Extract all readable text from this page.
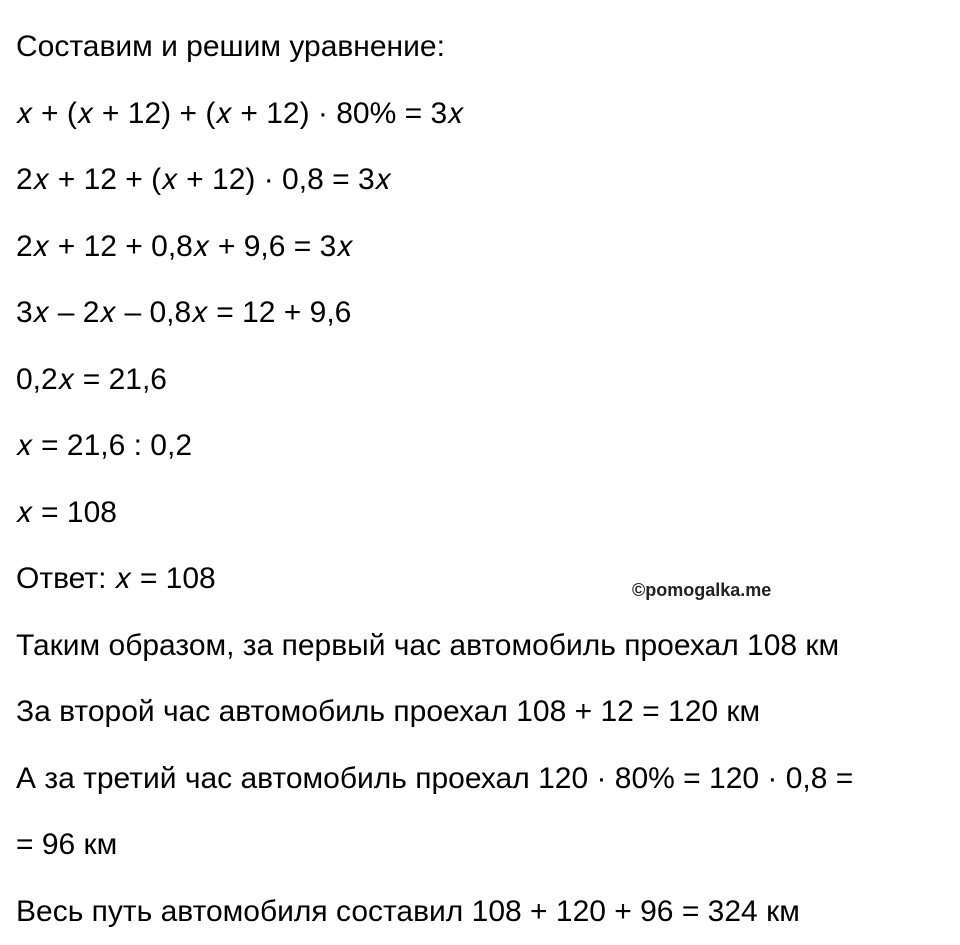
Составим и решим уравнение:
𝑥 + (𝑥 + 12) + (𝑥 + 12) · 80% = 3𝑥
2𝑥 + 12 + (𝑥 + 12) · 0,8 = 3𝑥
2𝑥 + 12 + 0,8𝑥 + 9,6 = 3𝑥
3𝑥 – 2𝑥 – 0,8𝑥 = 12 + 9,6
0,2𝑥 = 21,6
𝑥 = 21,6 : 0,2
𝑥 = 108
Ответ: 𝑥 = 108
Таким образом, за первый час автомобиль проехал 108 км
За второй час автомобиль проехал 108 + 12 = 120 км
А за третий час автомобиль проехал 120 · 80% = 120 · 0,8 =
= 96 км
Весь путь автомобиля составил 108 + 120 + 96 = 324 км
©pomogalka.me
